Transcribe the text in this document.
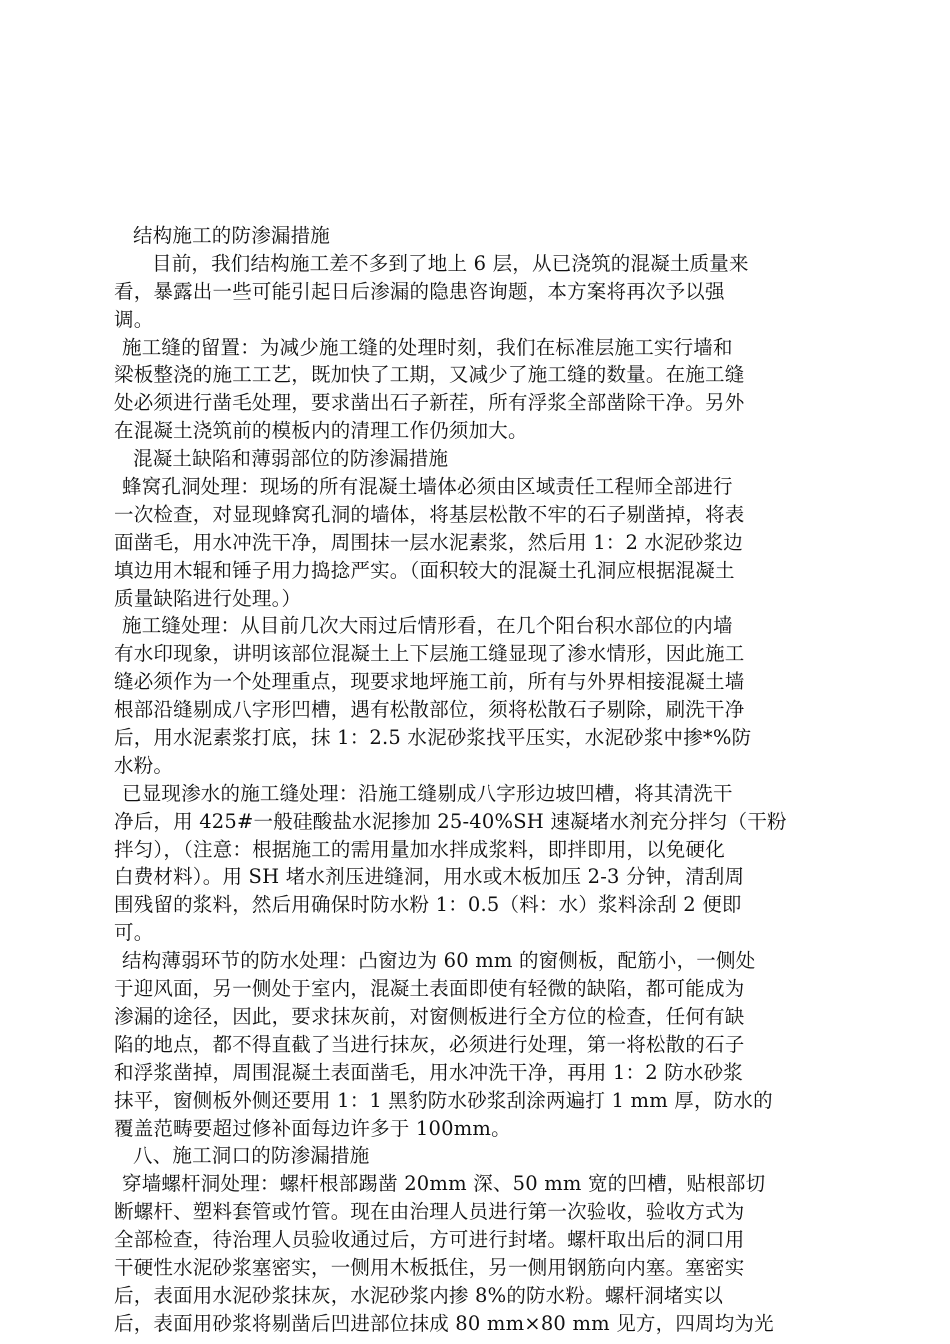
结构施工的防渗漏措施
目前，我们结构施工差不多到了地上 6 层，从已浇筑的混凝土质量来
看，暴露出一些可能引起日后渗漏的隐患咨询题，本方案将再次予以强
调。
施工缝的留置：为减少施工缝的处理时刻，我们在标准层施工实行墙和
梁板整浇的施工工艺，既加快了工期，又减少了施工缝的数量。在施工缝
处必须进行凿毛处理，要求凿出石子新茬，所有浮浆全部凿除干净。另外
在混凝土浇筑前的模板内的清理工作仍须加大。
混凝土缺陷和薄弱部位的防渗漏措施
蜂窝孔洞处理：现场的所有混凝土墙体必须由区域责任工程师全部进行
一次检查，对显现蜂窝孔洞的墙体，将基层松散不牢的石子剔凿掉，将表
面凿毛，用水冲洗干净，周围抹一层水泥素浆，然后用 1：2 水泥砂浆边
填边用木辊和锤子用力捣捻严实。（面积较大的混凝土孔洞应根据混凝土
质量缺陷进行处理。）
施工缝处理：从目前几次大雨过后情形看，在几个阳台积水部位的内墙
有水印现象，讲明该部位混凝土上下层施工缝显现了渗水情形，因此施工
缝必须作为一个处理重点，现要求地坪施工前，所有与外界相接混凝土墙
根部沿缝剔成八字形凹槽，遇有松散部位，须将松散石子剔除，刷洗干净
后，用水泥素浆打底，抹 1：2.5 水泥砂浆找平压实，水泥砂浆中掺*%防
水粉。
已显现渗水的施工缝处理：沿施工缝剔成八字形边坡凹槽，将其清洗干
净后，用 425#一般硅酸盐水泥掺加 25-40%SH 速凝堵水剂充分拌匀（干粉
拌匀），（注意：根据施工的需用量加水拌成浆料，即拌即用，以免硬化
白费材料）。用 SH 堵水剂压进缝洞，用水或木板加压 2-3 分钟，清刮周
围残留的浆料，然后用确保时防水粉 1：0.5（料：水）浆料涂刮 2 便即
可。
结构薄弱环节的防水处理：凸窗边为 60 mm 的窗侧板，配筋小，一侧处
于迎风面，另一侧处于室内，混凝土表面即使有轻微的缺陷，都可能成为
渗漏的途径，因此，要求抹灰前，对窗侧板进行全方位的检查，任何有缺
陷的地点，都不得直截了当进行抹灰，必须进行处理，第一将松散的石子
和浮浆凿掉，周围混凝土表面凿毛，用水冲洗干净，再用 1：2 防水砂浆
抹平，窗侧板外侧还要用 1：1 黑豹防水砂浆刮涂两遍打 1 mm 厚，防水的
覆盖范畴要超过修补面每边许多于 100mm。
八、施工洞口的防渗漏措施
穿墙螺杆洞处理：螺杆根部踢凿 20mm 深、50 mm 宽的凹槽，贴根部切
断螺杆、塑料套管或竹管。现在由治理人员进行第一次验收，验收方式为
全部检查，待治理人员验收通过后，方可进行封堵。螺杆取出后的洞口用
干硬性水泥砂浆塞密实，一侧用木板抵住，另一侧用钢筋向内塞。塞密实
后，表面用水泥砂浆抹灰，水泥砂浆内掺 8%的防水粉。螺杆洞堵实以
后，表面用砂浆将剔凿后凹进部位抹成 80 mm×80 mm 见方，四周均为光
